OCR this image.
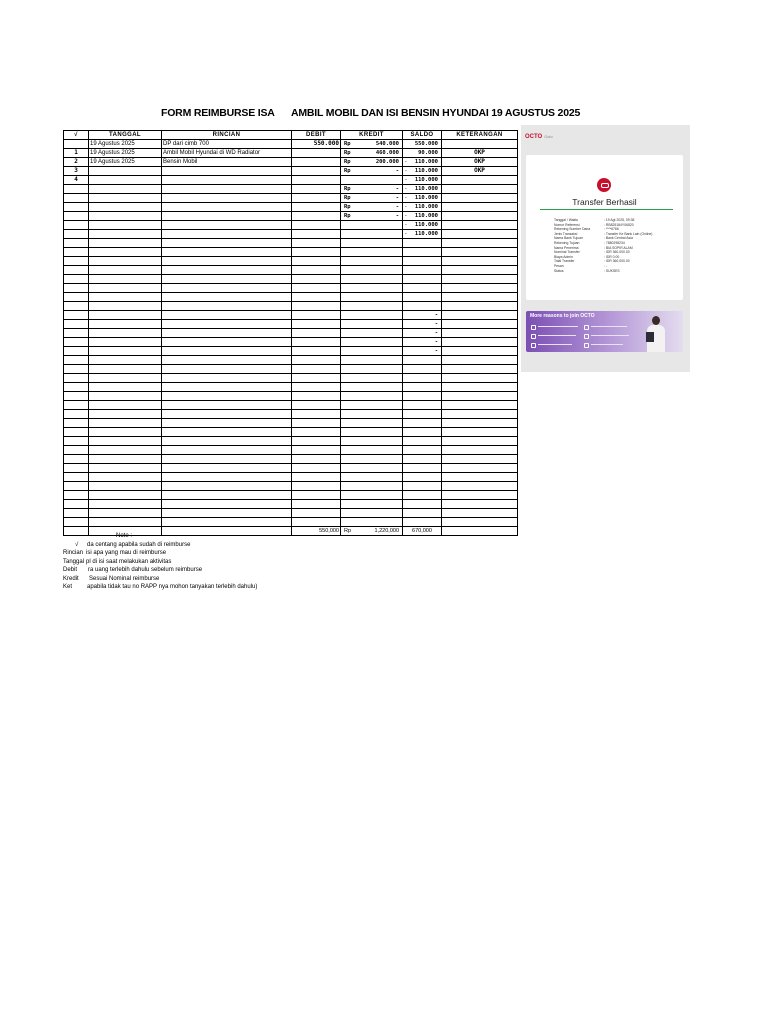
FORM REIMBURSE ISA AMBIL MOBIL DAN ISI BENSIN HYUNDAI 19 AGUSTUS 2025
√	TANGGAL	RINCIAN	DEBIT	KREDIT	SALDO	KETERANGAN
	19 Agustus 2025	DP dari cimb 700	550.000	Rp 540.000	550.000	

1	19 Agustus 2025	Ambil Mobil Hyundai di WD Radiator		Rp 460.000	90.000	OKP
2	19 Agustus 2025	Bensin Mobil		Rp 200.000	- 110.000	OKP
3				Rp -	- 110.000	OKP
4					- 110.000	

				Rp -	- 110.000	

				Rp -	- 110.000	

				Rp -	- 110.000	

				Rp -	- 110.000	

					- 110.000	

					- 110.000	

					-	

					-	

					-	

					-	

					-	

			550,000	Rp 1,220,000	670,000	
Note :
√ da centang apabila sudah di reimburse
Rincian isi apa yang mau di reimburse
Tanggal pl di isi saat melakukan aktivitas
Debit ra uang terlebih dahulu sebelum reimburse
Kredit Sesuai Nominal reimburse
Ket apabila tidak tau no RAPP nya mohon tanyakan terlebih dahulu)
OCTO Octo
Transfer Berhasil
Tanggal / Waktu	: 19 Agt 2025, 09:38
Nomor Referensi	: RB825184Y06820
Rekening Sumber Dana	: ****6766
Jenis Transaksi	: Transfer Ke Bank Lain (Online)
Nama Bank Tujuan	: Bank Central Asia
Rekening Tujuan	: 7880298234
Nama Penerima	: BIA SOPIR ALAM
Nominal Transfer	: IDR 360,000.00
Biaya Admin	: IDR 0.00
Total Transfer	: IDR 360,000.00
Pesan	: -
Status	: SUKSES
More reasons to join OCTO
